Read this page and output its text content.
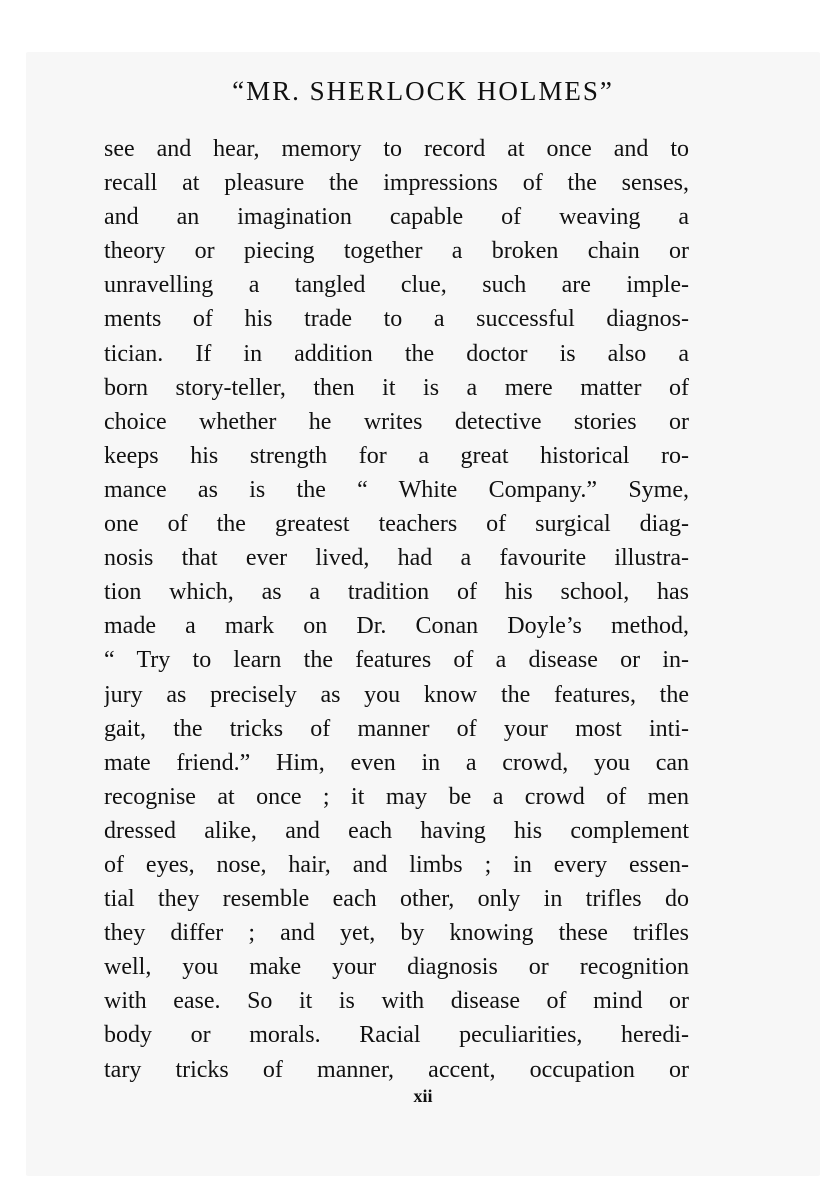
“MR. SHERLOCK HOLMES”
see and hear, memory to record at once and to
recall at pleasure the impressions of the senses,
and an imagination capable of weaving a
theory or piecing together a broken chain or
unravelling a tangled clue, such are imple-
ments of his trade to a successful diagnos-
tician. If in addition the doctor is also a
born story-teller, then it is a mere matter of
choice whether he writes detective stories or
keeps his strength for a great historical ro-
mance as is the “ White Company.” Syme,
one of the greatest teachers of surgical diag-
nosis that ever lived, had a favourite illustra-
tion which, as a tradition of his school, has
made a mark on Dr. Conan Doyle’s method,
“ Try to learn the features of a disease or in-
jury as precisely as you know the features, the
gait, the tricks of manner of your most inti-
mate friend.” Him, even in a crowd, you can
recognise at once ; it may be a crowd of men
dressed alike, and each having his complement
of eyes, nose, hair, and limbs ; in every essen-
tial they resemble each other, only in trifles do
they differ ; and yet, by knowing these trifles
well, you make your diagnosis or recognition
with ease. So it is with disease of mind or
body or morals. Racial peculiarities, heredi-
tary tricks of manner, accent, occupation or
xii
